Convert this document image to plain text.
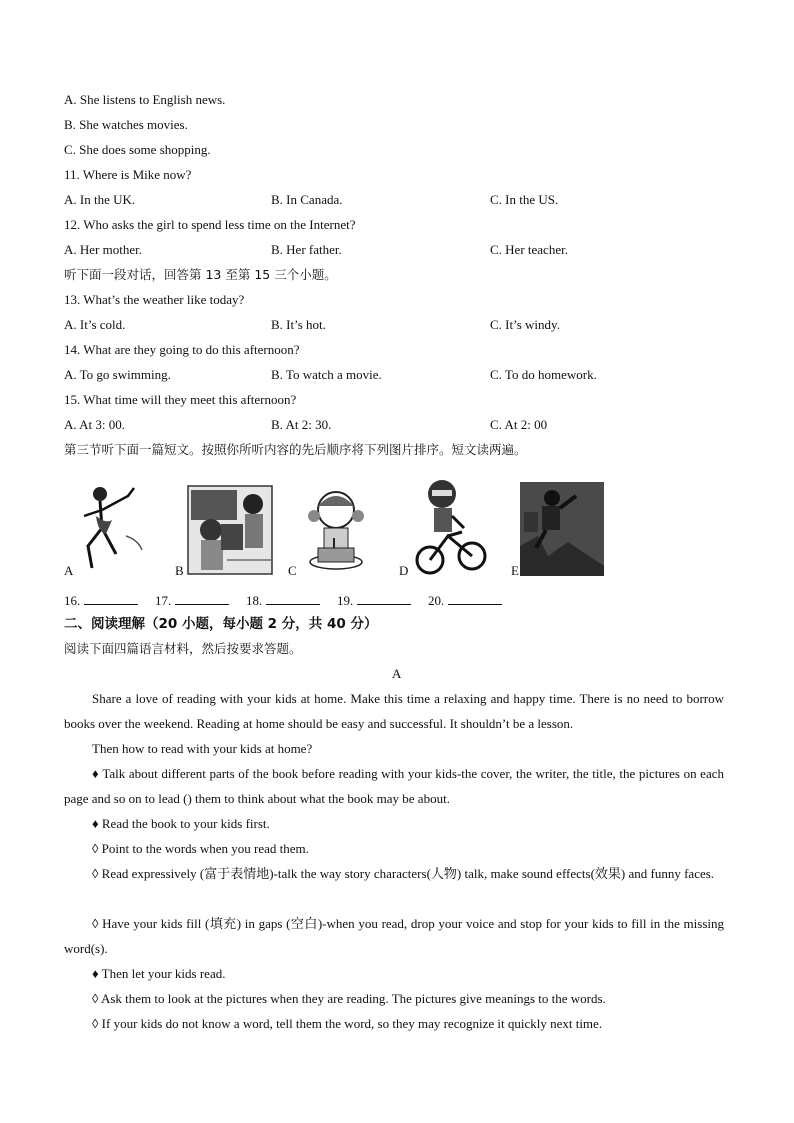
A. She listens to English news.
B. She watches movies.
C. She does some shopping.
11. Where is Mike now?
A. In the UK.	B. In Canada.	C. In the US.
12. Who asks the girl to spend less time on the Internet?
A. Her mother.	B. Her father.	C. Her teacher.
听下面一段对话，回答第 13 至第 15 三个小题。
13. What’s the weather like today?
A. It’s cold.	B. It’s hot.	C. It’s windy.
14. What are they going to do this afternoon?
A. To go swimming.	B. To watch a movie.	C. To do homework.
15. What time will they meet this afternoon?
A. At 3: 00.	B. At 2: 30.	C. At 2: 00
第三节听下面一篇短文。按照你所听内容的先后顺序将下列图片排序。短文读两遍。
A	B	C	D	E
16.	17.	18.	19.	20.
二、阅读理解（20 小题，每小题 2 分，共 40 分）
阅读下面四篇语言材料，然后按要求答题。
A
Share a love of reading with your kids at home. Make this time a relaxing and happy time. There is no need to borrow books over the weekend. Reading at home should be easy and successful. It shouldn’t be a lesson.
Then how to read with your kids at home?
♦ Talk about different parts of the book before reading with your kids-the cover, the writer, the title, the pictures on each page and so on to lead () them to think about what the book may be about.
♦ Read the book to your kids first.
◊ Point to the words when you read them.
◊ Read expressively (富于表情地)-talk the way story characters(人物) talk, make sound effects(效果) and funny faces.
◊ Have your kids fill (填充) in gaps (空白)-when you read, drop your voice and stop for your kids to fill in the missing word(s).
♦ Then let your kids read.
◊ Ask them to look at the pictures when they are reading. The pictures give meanings to the words.
◊ If your kids do not know a word, tell them the word, so they may recognize it quickly next time.
